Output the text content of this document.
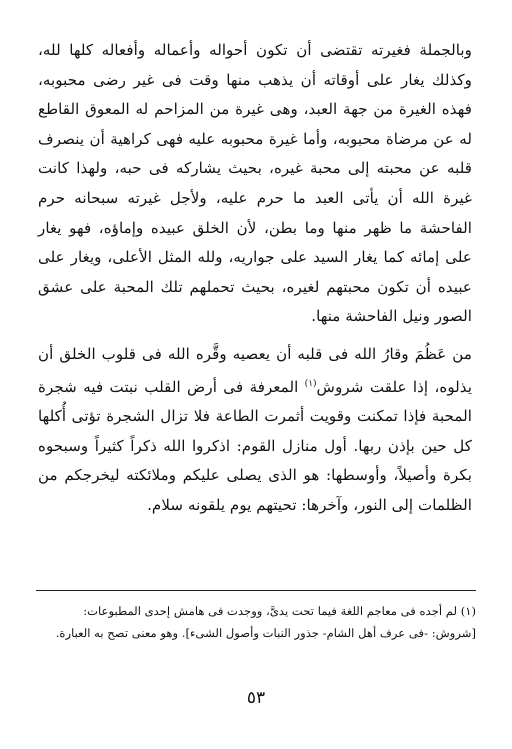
وبالجملة فغيرته تقتضى أن تكون أحواله وأعماله وأفعاله كلها لله، وكذلك يغار على أوقاته أن يذهب منها وقت فى غير رضى محبوبه، فهذه الغيرة من جهة العبد، وهى غيرة من المزاحم له المعوق القاطع له عن مرضاة محبوبه، وأما غيرة محبوبه عليه فهى كراهية أن ينصرف قلبه عن محبته إلى محبة غيره، بحيث يشاركه فى حبه، ولهذا كانت غيرة الله أن يأتى العبد ما حرم عليه، ولأجل غيرته سبحانه حرم الفاحشة ما ظهر منها وما بطن، لأن الخلق عبيده وإماؤه، فهو يغار على إمائه كما يغار السيد على جواريه، ولله المثل الأعلى، ويغار على عبيده أن تكون محبتهم لغيره، بحيث تحملهم تلك المحبة على عشق الصور ونيل الفاحشة منها.

من عَظُمَ وقارُ الله فى قلبه أن يعصيه وقَّره الله فى قلوب الخلق أن يذلوه، إذا علقت شروش$^{(١)}$ المعرفة فى أرض القلب نبتت فيه شجرة المحبة فإذا تمكنت وقويت أثمرت الطاعة فلا تزال الشجرة تؤتى أُكلها كل حين بإذن ربها. أول منازل القوم: اذكروا الله ذكراً كثيراً وسبحوه بكرة وأصيلاً، وأوسطها: هو الذى يصلى عليكم وملائكته ليخرجكم من الظلمات إلى النور، وآخرها: تحيتهم يوم يلقونه سلام.

(١) لم أجده فى معاجم اللغة فيما تحت يدىَّ، ووجدت فى هامش إحدى المطبوعات:

[شروش: -فى عرف أهل الشام- جذور النبات وأصول الشىء]. وهو معنى تصح به العبارة.

٥٣
